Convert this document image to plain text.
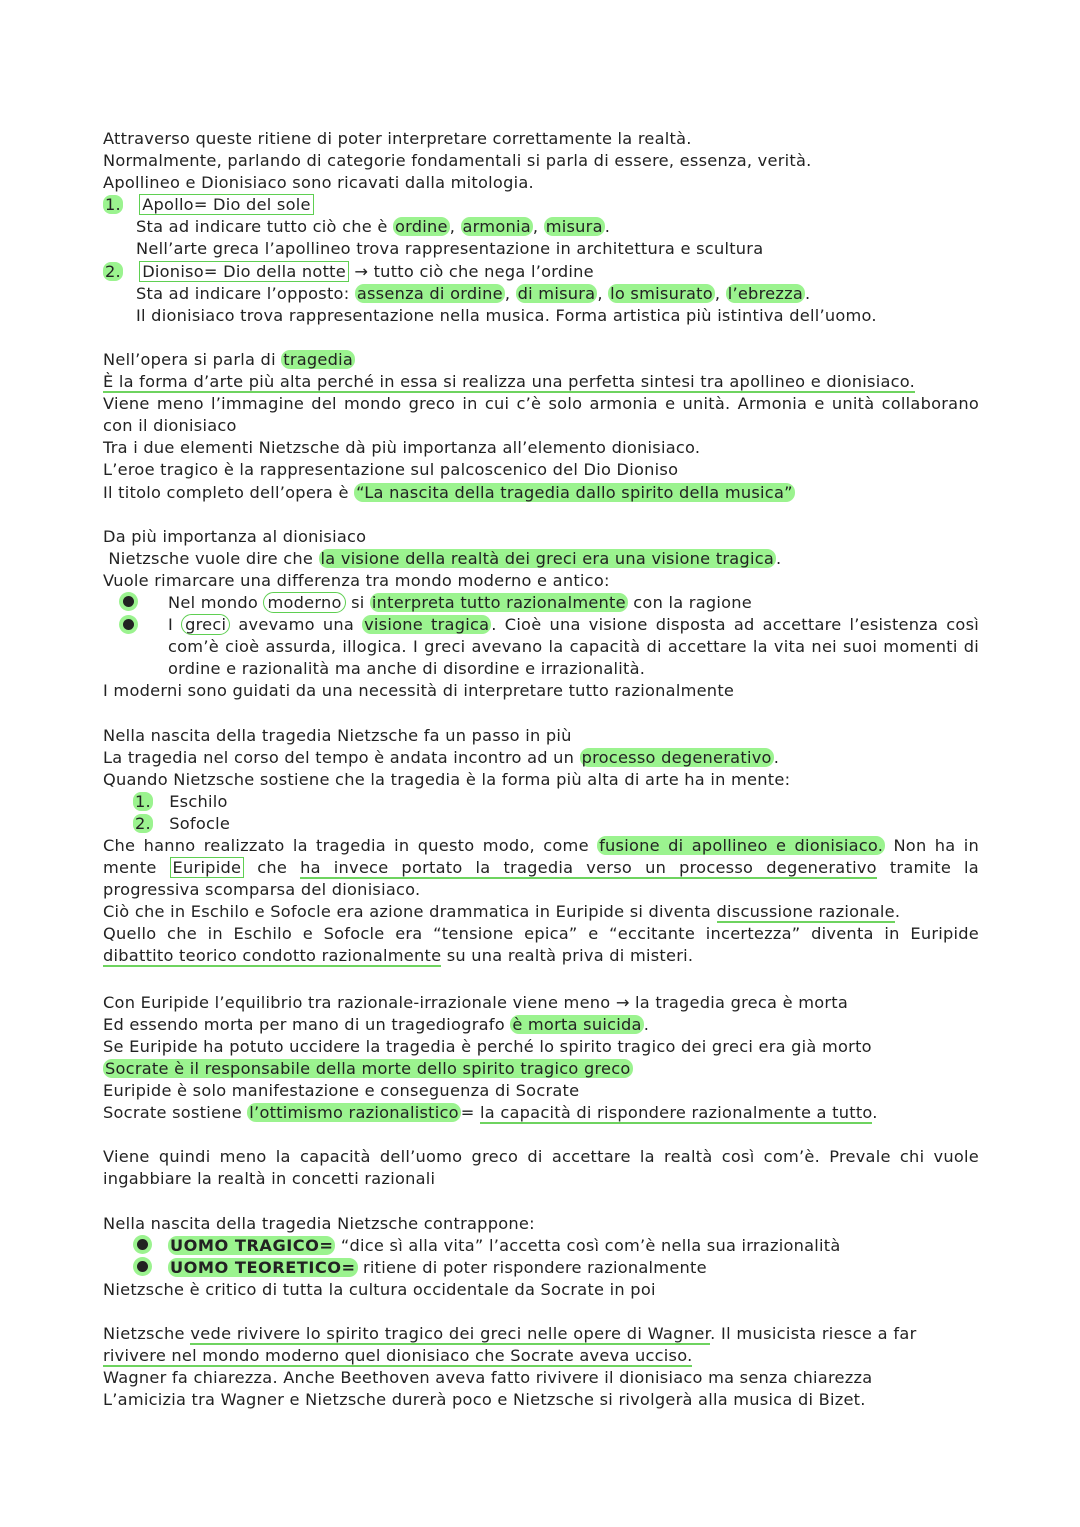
Attraverso queste ritiene di poter interpretare correttamente la realtà.
Normalmente, parlando di categorie fondamentali si parla di essere, essenza, verità.
Apollineo e Dionisiaco sono ricavati dalla mitologia.
1. Apollo= Dio del sole
Sta ad indicare tutto ciò che è ordine , armonia , misura .
Nell’arte greca l’apollineo trova rappresentazione in architettura e scultura
2. Dioniso= Dio della notte → tutto ciò che nega l’ordine
Sta ad indicare l’opposto: assenza di ordine , di misura , lo smisurato , l’ebrezza .
Il dionisiaco trova rappresentazione nella musica. Forma artistica più istintiva dell’uomo.
Nell’opera si parla di tragedia
È la forma d’arte più alta perché in essa si realizza una perfetta sintesi tra apollineo e dionisiaco.
Viene meno l’immagine del mondo greco in cui c’è solo armonia e unità. Armonia e unità collaborano con il dionisiaco
Tra i due elementi Nietzsche dà più importanza all’elemento dionisiaco.
L’eroe tragico è la rappresentazione sul palcoscenico del Dio Dioniso
Il titolo completo dell’opera è “La nascita della tragedia dallo spirito della musica”
Da più importanza al dionisiaco
Nietzsche vuole dire che la visione della realtà dei greci era una visione tragica .
Vuole rimarcare una differenza tra mondo moderno e antico:
Nel mondo moderno si interpreta tutto razionalmente con la ragione
I greci avevamo una visione tragica . Cioè una visione disposta ad accettare l’esistenza così com’è cioè assurda, illogica. I greci avevano la capacità di accettare la vita nei suoi momenti di ordine e razionalità ma anche di disordine e irrazionalità.
I moderni sono guidati da una necessità di interpretare tutto razionalmente
Nella nascita della tragedia Nietzsche fa un passo in più
La tragedia nel corso del tempo è andata incontro ad un processo degenerativo .
Quando Nietzsche sostiene che la tragedia è la forma più alta di arte ha in mente:
1. Eschilo
2. Sofocle
Che hanno realizzato la tragedia in questo modo, come fusione di apollineo e dionisiaco. Non ha in mente Euripide che ha invece portato la tragedia verso un processo degenerativo tramite la progressiva scomparsa del dionisiaco.
Ciò che in Eschilo e Sofocle era azione drammatica in Euripide si diventa discussione razionale.
Quello che in Eschilo e Sofocle era “tensione epica” e “eccitante incertezza” diventa in Euripide dibattito teorico condotto razionalmente su una realtà priva di misteri.
Con Euripide l’equilibrio tra razionale-irrazionale viene meno → la tragedia greca è morta
Ed essendo morta per mano di un tragediografo è morta suicida .
Se Euripide ha potuto uccidere la tragedia è perché lo spirito tragico dei greci era già morto
Socrate è il responsabile della morte dello spirito tragico greco
Euripide è solo manifestazione e conseguenza di Socrate
Socrate sostiene l’ottimismo razionalistico = la capacità di rispondere razionalmente a tutto.
Viene quindi meno la capacità dell’uomo greco di accettare la realtà così com’è. Prevale chi vuole ingabbiare la realtà in concetti razionali
Nella nascita della tragedia Nietzsche contrappone:
UOMO TRAGICO= “dice sì alla vita” l’accetta così com’è nella sua irrazionalità
UOMO TEORETICO= ritiene di poter rispondere razionalmente
Nietzsche è critico di tutta la cultura occidentale da Socrate in poi
Nietzsche vede rivivere lo spirito tragico dei greci nelle opere di Wagner. Il musicista riesce a far
rivivere nel mondo moderno quel dionisiaco che Socrate aveva ucciso.
Wagner fa chiarezza. Anche Beethoven aveva fatto rivivere il dionisiaco ma senza chiarezza
L’amicizia tra Wagner e Nietzsche durerà poco e Nietzsche si rivolgerà alla musica di Bizet.
